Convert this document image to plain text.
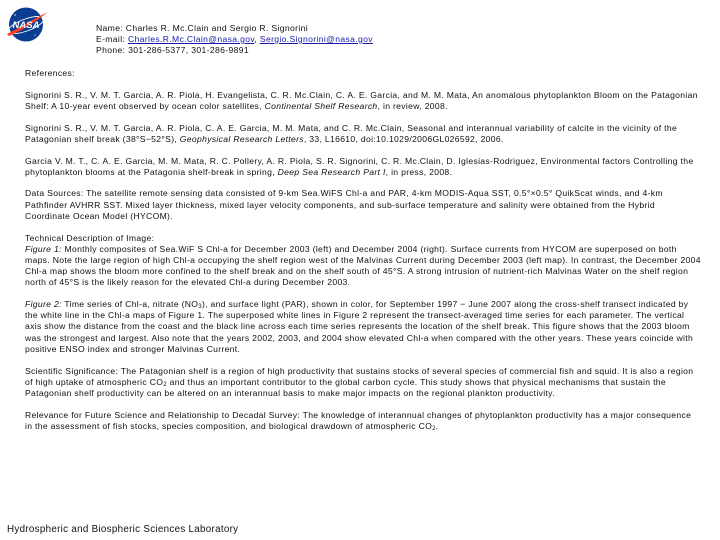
NASA	Name: Charles R. Mc.Clain and Sergio R. Signorini
E-mail: Charles.R.Mc.Clain@nasa.gov, Sergio.Signorini@nasa.gov
Phone: 301-286-5377, 301-286-9891
References:

Signorini S. R., V. M. T. Garcia, A. R. Piola, H. Evangelista, C. R. Mc.Clain, C. A. E. Garcia, and M. M. Mata, An anomalous phytoplankton Bloom on the Patagonian Shelf: A 10-year event observed by ocean color satellites, Continental Shelf Research, in review, 2008.

Signorini S. R., V. M. T. Garcia, A. R. Piola, C. A. E. Garcia, M. M. Mata, and C. R. Mc.Clain, Seasonal and interannual variability of calcite in the vicinity of the Patagonian shelf break (38°S−52°S), Geophysical Research Letters, 33, L16610, doi:10.1029/2006GL026592, 2006.

Garcia V. M. T., C. A. E. Garcia, M. M. Mata, R. C. Pollery, A. R. Piola, S. R. Signorini, C. R. Mc.Clain, D. Iglesias-Rodriguez, Environmental factors Controlling the phytoplankton blooms at the Patagonia shelf-break in spring, Deep Sea Research Part I, in press, 2008.

Data Sources: The satellite remote sensing data consisted of 9-km Sea.WiFS Chl-a and PAR, 4-km MODIS-Aqua SST, 0.5°×0.5° QuikScat winds, and 4-km Pathfinder AVHRR SST. Mixed layer thickness, mixed layer velocity components, and sub-surface temperature and salinity were obtained from the Hybrid Coordinate Ocean Model (HYCOM).

Technical Description of Image:
Figure 1: Monthly composites of Sea.WiF S Chl-a for December 2003 (left) and December 2004 (right). Surface currents from HYCOM are superposed on both maps. Note the large region of high Chl-a occupying the shelf region west of the Malvinas Current during December 2003 (left map). In contrast, the December 2004 Chl-a map shows the bloom more confined to the shelf break and on the shelf south of 45°S. A strong intrusion of nutrient-rich Malvinas Water on the shelf region north of 45°S is the likely reason for the elevated Chl-a during December 2003.

Figure 2: Time series of Chl-a, nitrate $(NO_3)$, and surface light (PAR), shown in color, for September 1997 − June 2007 along the cross-shelf transect indicated by the white line in the Chl-a maps of Figure 1. The superposed white lines in Figure 2 represent the transect-averaged time series for each parameter. The vertical axis show the distance from the coast and the black line across each time series represents the location of the shelf break. This figure shows that the 2003 bloom was the strongest and largest. Also note that the years 2002, 2003, and 2004 show elevated Chl-a when compared with the other years. These years coincide with positive ENSO index and stronger Malvinas Current.

Scientific Significance: The Patagonian shelf is a region of high productivity that sustains stocks of several species of commercial fish and squid. It is also a region of high uptake of atmospheric $CO_2$ and thus an important contributor to the global carbon cycle. This study shows that physical mechanisms that sustain the Patagonian shelf productivity can be altered on an interannual basis to make major impacts on the regional plankton productivity.

Relevance for Future Science and Relationship to Decadal Survey: The knowledge of interannual changes of phytoplankton productivity has a major consequence in the assessment of fish stocks, species composition, and biological drawdown of atmospheric $CO_2$.

Hydrospheric and Biospheric Sciences Laboratory
